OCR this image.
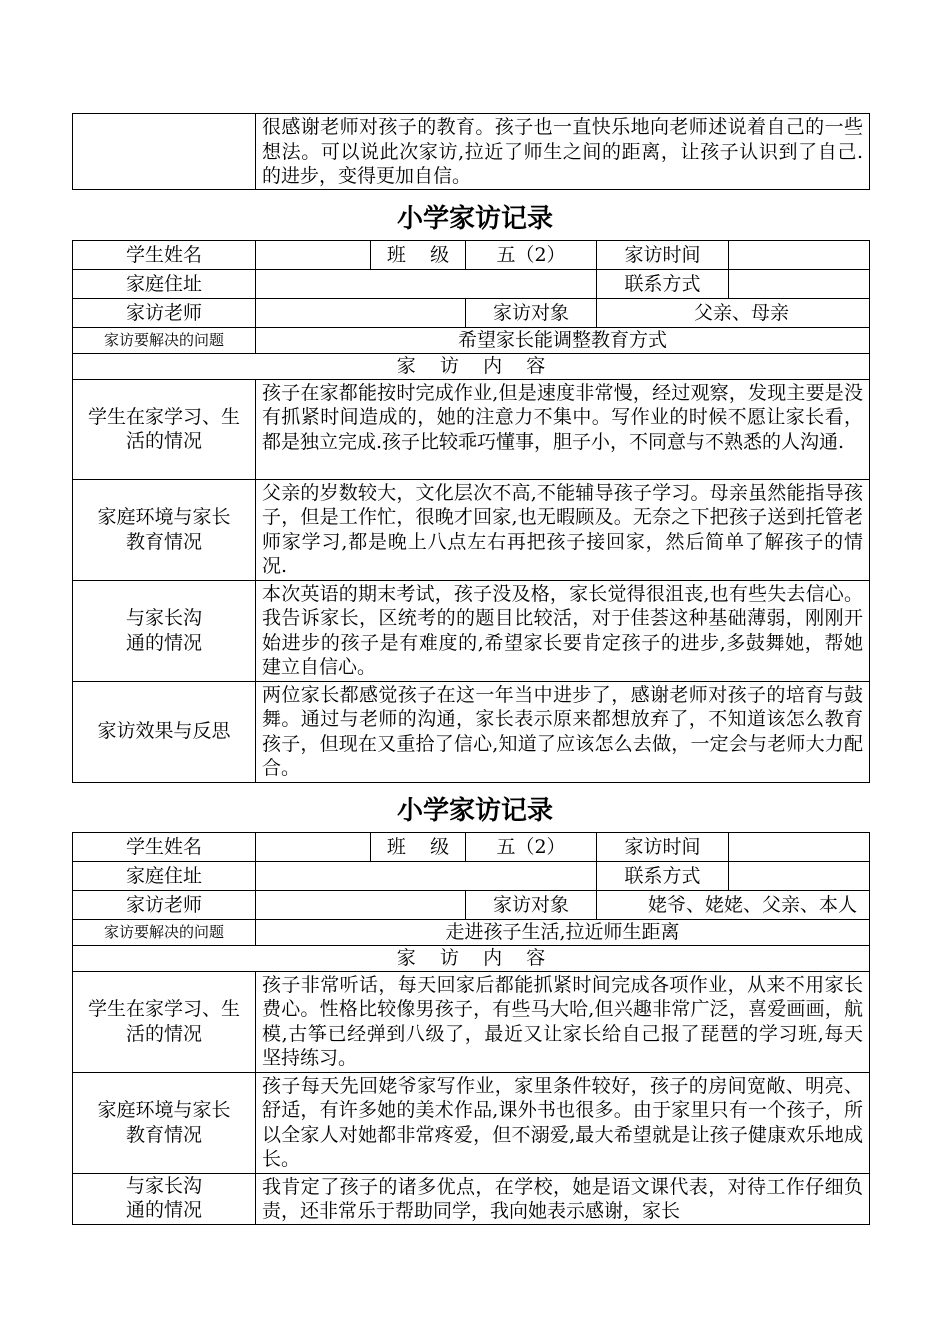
	很感谢老师对孩子的教育。孩子也一直快乐地向老师述说着自己的一些想法。可以说此次家访,拉近了师生之间的距离，让孩子认识到了自己.的进步，变得更加自信。
小学家访记录
学生姓名		班    级	五（2）	家访时间	
家庭住址				联系方式	
家访老师			家访对象	父亲、母亲	
家访要解决的问题	希望家长能调整教育方式				
家    访    内    容					
学生在家学习、生活的情况	孩子在家都能按时完成作业,但是速度非常慢，经过观察，发现主要是没有抓紧时间造成的，她的注意力不集中。写作业的时候不愿让家长看，都是独立完成.孩子比较乖巧懂事，胆子小，不同意与不熟悉的人沟通.				
家庭环境与家长教育情况	父亲的岁数较大，文化层次不高,不能辅导孩子学习。母亲虽然能指导孩子，但是工作忙，很晚才回家,也无暇顾及。无奈之下把孩子送到托管老师家学习,都是晚上八点左右再把孩子接回家，然后简单了解孩子的情况.				
与家长沟通的情况	本次英语的期末考试，孩子没及格，家长觉得很沮丧,也有些失去信心。我告诉家长，区统考的的题目比较活，对于佳荟这种基础薄弱，刚刚开始进步的孩子是有难度的,希望家长要肯定孩子的进步,多鼓舞她，帮她建立自信心。				
家访效果与反思	两位家长都感觉孩子在这一年当中进步了，感谢老师对孩子的培育与鼓舞。通过与老师的沟通，家长表示原来都想放弃了，不知道该怎么教育孩子，但现在又重拾了信心,知道了应该怎么去做，一定会与老师大力配合。				
小学家访记录
学生姓名		班    级	五（2）	家访时间	
家庭住址				联系方式	
家访老师			家访对象	姥爷、姥姥、父亲、本人	
家访要解决的问题	走进孩子生活,拉近师生距离				
家    访    内    容					
学生在家学习、生活的情况	孩子非常听话，每天回家后都能抓紧时间完成各项作业，从来不用家长费心。性格比较像男孩子，有些马大哈,但兴趣非常广泛，喜爱画画，航模,古筝已经弹到八级了，最近又让家长给自己报了琵琶的学习班,每天坚持练习。				
家庭环境与家长教育情况	孩子每天先回姥爷家写作业，家里条件较好，孩子的房间宽敞、明亮、舒适，有许多她的美术作品,课外书也很多。由于家里只有一个孩子，所以全家人对她都非常疼爱，但不溺爱,最大希望就是让孩子健康欢乐地成长。				
与家长沟通的情况	我肯定了孩子的诸多优点，在学校，她是语文课代表，对待工作仔细负责，还非常乐于帮助同学，我向她表示感谢，家长				
